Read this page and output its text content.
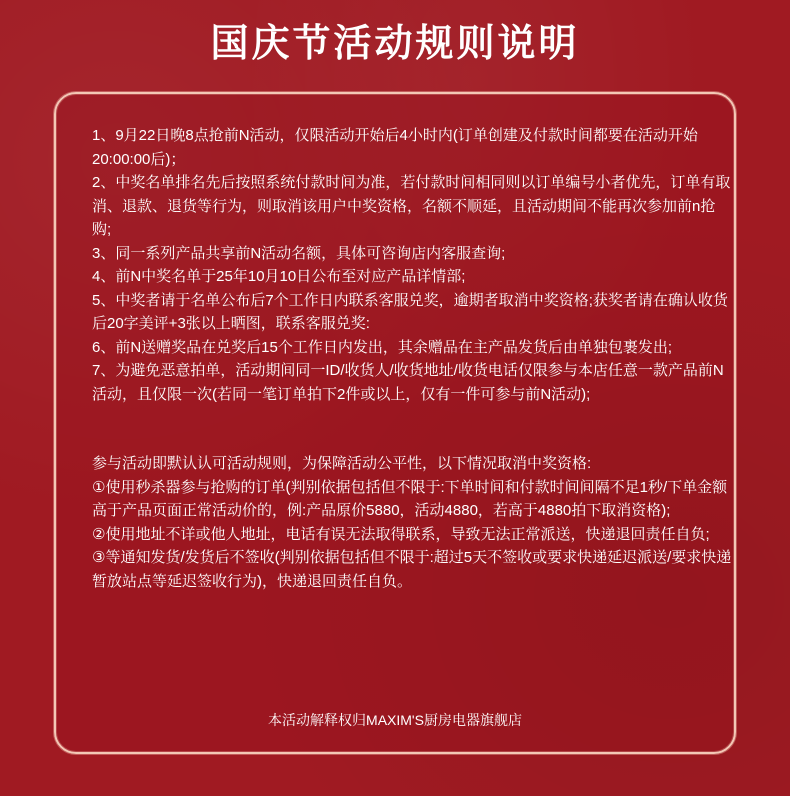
国庆节活动规则说明

1、9月22日晚8点抢前N活动，仅限活动开始后4小时内(订单创建及付款时间都要在活动开始20:00:00后)；

2、中奖名单排名先后按照系统付款时间为准，若付款时间相同则以订单编号小者优先，订单有取消、退款、退货等行为，则取消该用户中奖资格，名额不顺延，且活动期间不能再次参加前n抢购;

3、同一系列产品共享前N活动名额，具体可咨询店内客服查询;

4、前N中奖名单于25年10月10日公布至对应产品详情部;

5、中奖者请于名单公布后7个工作日内联系客服兑奖，逾期者取消中奖资格;获奖者请在确认收货后20字美评+3张以上晒图，联系客服兑奖:

6、前N送赠奖品在兑奖后15个工作日内发出，其余赠品在主产品发货后由单独包裹发出;

7、为避免恶意拍单，活动期间同一ID/收货人/收货地址/收货电话仅限参与本店任意一款产品前N活动，且仅限一次(若同一笔订单拍下2件或以上，仅有一件可参与前N活动);

参与活动即默认认可活动规则，为保障活动公平性，以下情况取消中奖资格:

①使用秒杀器参与抢购的订单(判别依据包括但不限于:下单时间和付款时间间隔不足1秒/下单金额高于产品页面正常活动价的，例:产品原价5880，活动4880，若高于4880拍下取消资格);

②使用地址不详或他人地址，电话有误无法取得联系，导致无法正常派送，快递退回责任自负;

③等通知发货/发货后不签收(判别依据包括但不限于:超过5天不签收或要求快递延迟派送/要求快递暂放站点等延迟签收行为)，快递退回责任自负。

本活动解释权归MAXIM'S厨房电器旗舰店
